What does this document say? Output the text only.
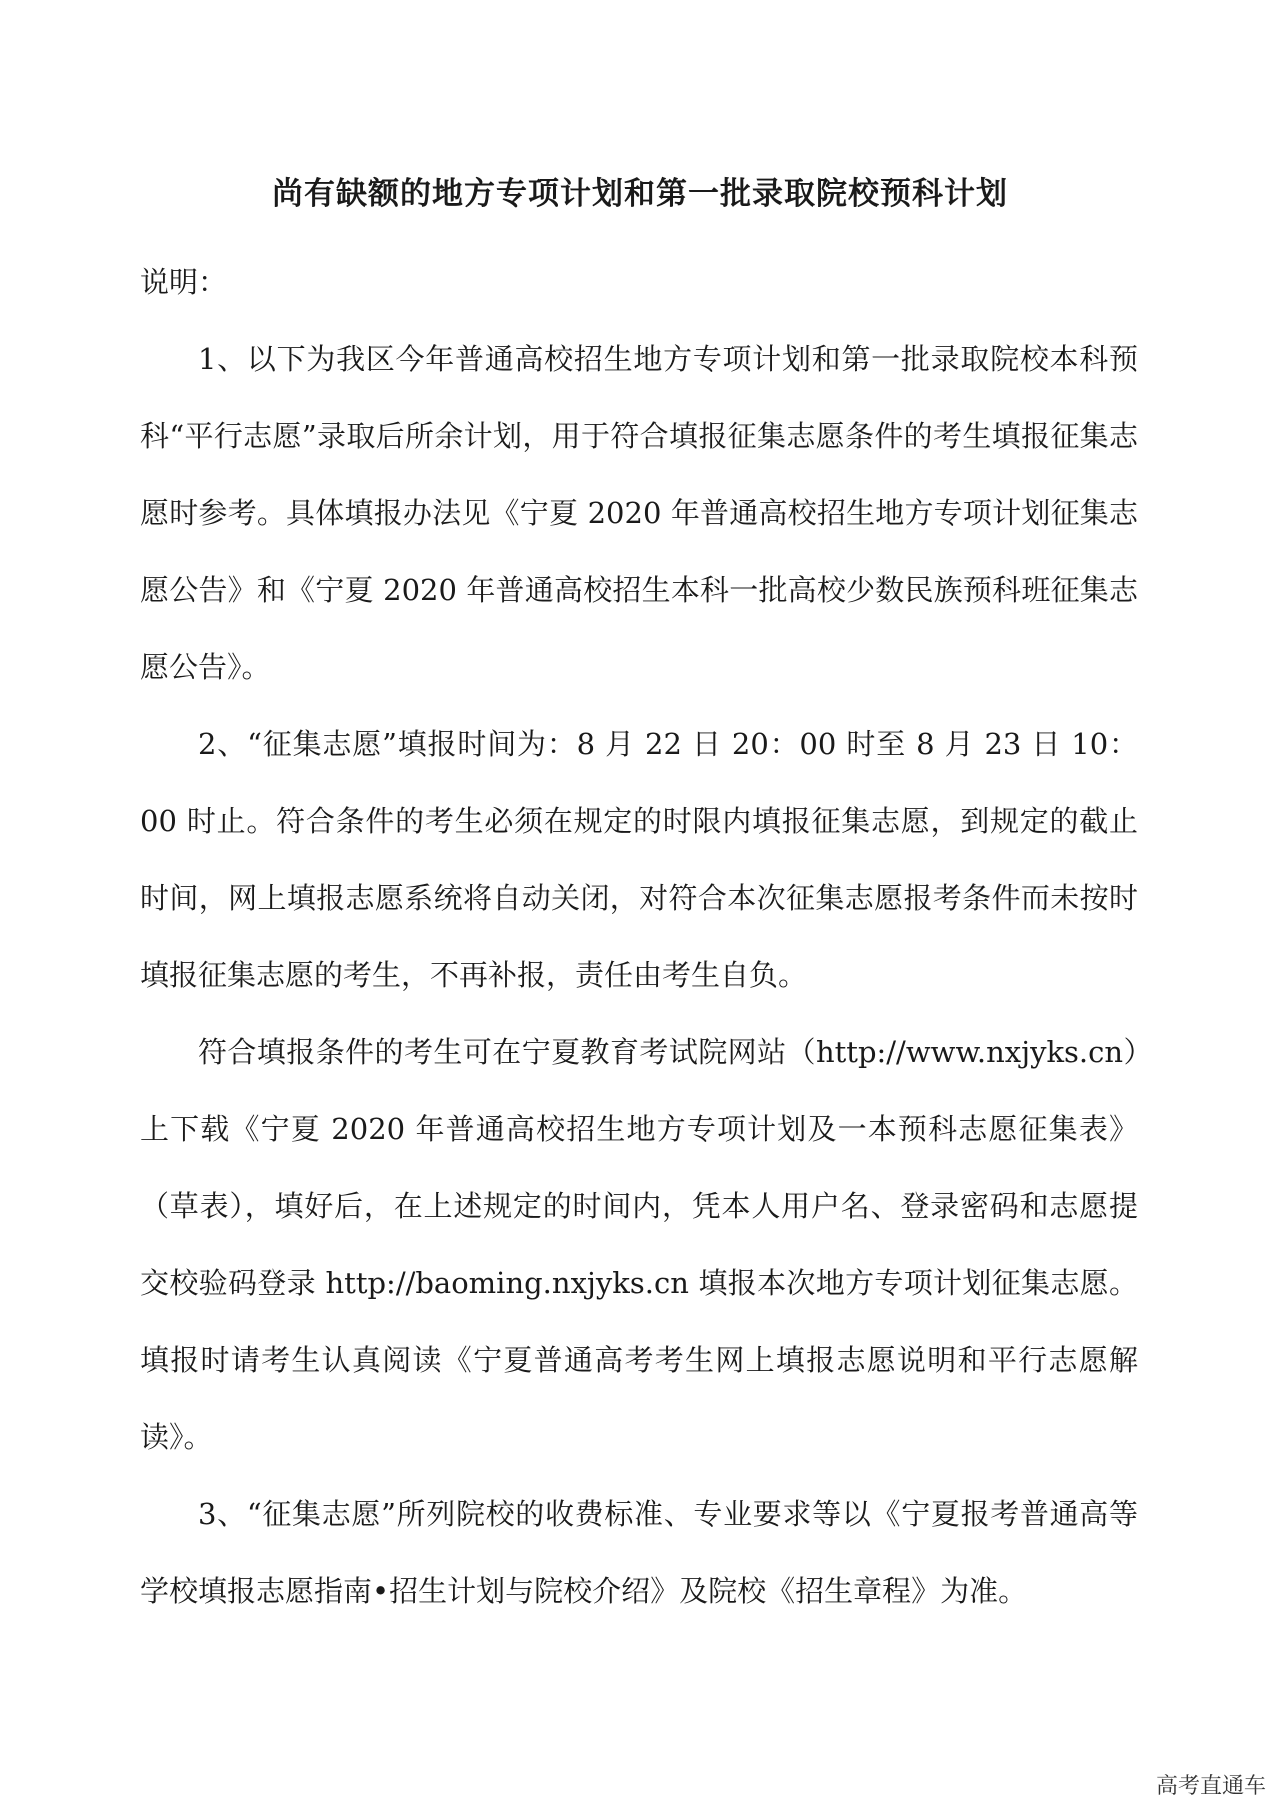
尚有缺额的地方专项计划和第一批录取院校预科计划

说明：

1、以下为我区今年普通高校招生地方专项计划和第一批录取院校本科预科“平行志愿”录取后所余计划，用于符合填报征集志愿条件的考生填报征集志愿时参考。具体填报办法见《宁夏 2020 年普通高校招生地方专项计划征集志愿公告》和《宁夏 2020 年普通高校招生本科一批高校少数民族预科班征集志愿公告》。

2、“征集志愿”填报时间为：8 月 22 日 20：00 时至 8 月 23 日 10：00 时止。符合条件的考生必须在规定的时限内填报征集志愿，到规定的截止时间，网上填报志愿系统将自动关闭，对符合本次征集志愿报考条件而未按时填报征集志愿的考生，不再补报，责任由考生自负。

符合填报条件的考生可在宁夏教育考试院网站（http://www.nxjyks.cn）上下载《宁夏 2020 年普通高校招生地方专项计划及一本预科志愿征集表》（草表），填好后，在上述规定的时间内，凭本人用户名、登录密码和志愿提交校验码登录 http://baoming.nxjyks.cn 填报本次地方专项计划征集志愿。填报时请考生认真阅读《宁夏普通高考考生网上填报志愿说明和平行志愿解读》。

3、“征集志愿”所列院校的收费标准、专业要求等以《宁夏报考普通高等学校填报志愿指南•招生计划与院校介绍》及院校《招生章程》为准。

高考直通车
